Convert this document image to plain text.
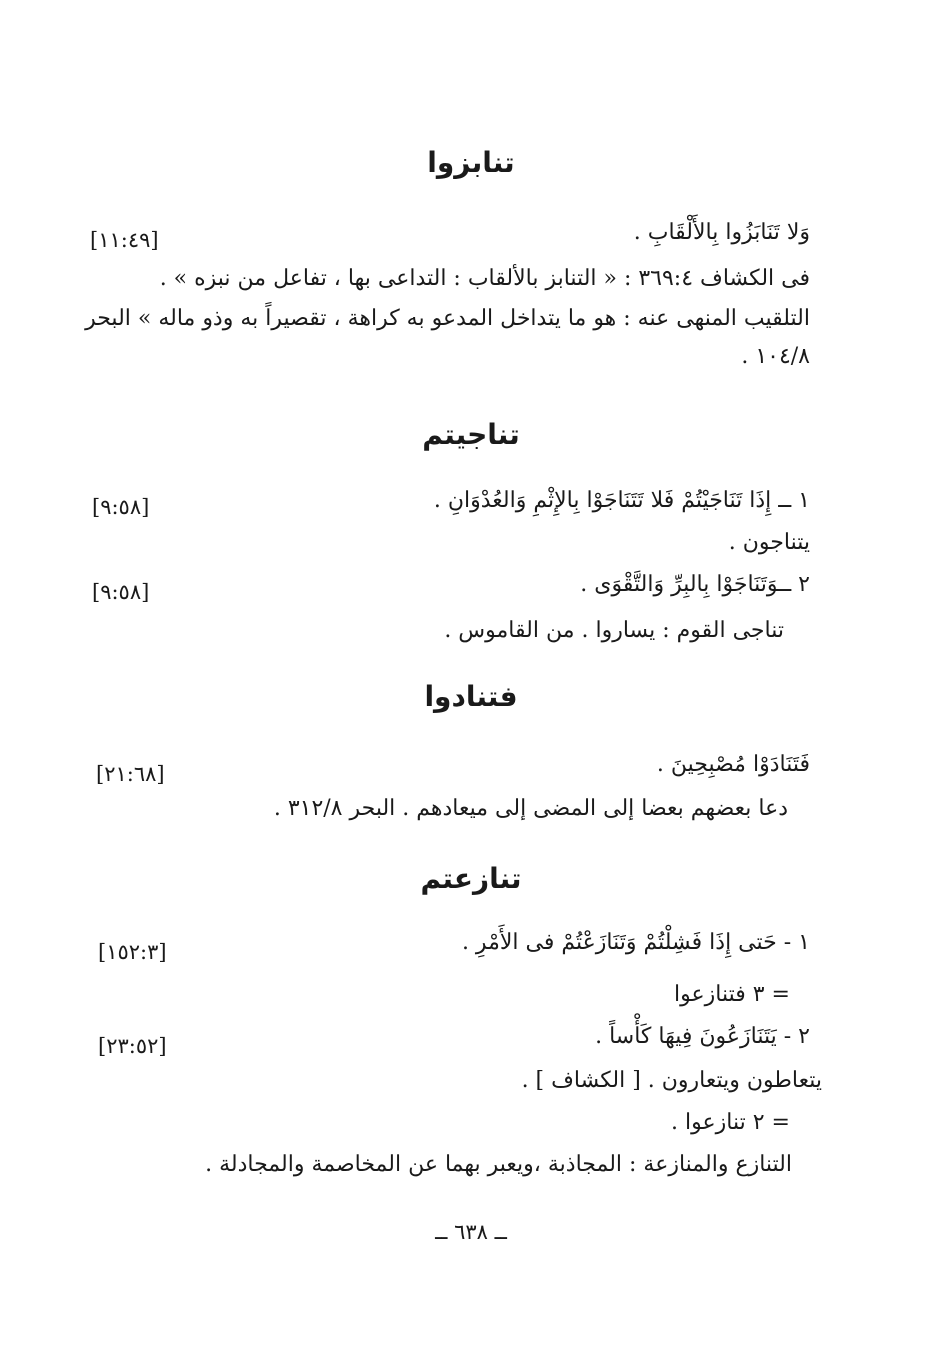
تنابزوا
وَلا تَنَابَزُوا بِالأَلْقَابِ .
[١١:٤٩]
فى الكشاف ٣٦٩:٤ : « التنابز بالألقاب : التداعى بها ، تفاعل من نبزه » .
التلقيب المنهى عنه : هو ما يتداخل المدعو به كراهة ، تقصيراً به وذو ماله » البحر
١٠٤/٨ .
تناجيتم
١ ــ إِذَا تَنَاجَيْتُمْ فَلا تَتَنَاجَوْا بِالإِثْمِ وَالعُدْوَانِ .
[٩:٥٨]
يتناجون .
٢ ــوَتَنَاجَوْا بِالبِرِّ وَالتَّقْوَى .
[٩:٥٨]
تناجى القوم : يساروا . من القاموس .
فتنادوا
فَتَنَادَوْا مُصْبِحِينَ .
[٢١:٦٨]
دعا بعضهم بعضا إلى المضى إلى ميعادهم . البحر ٣١٢/٨ .
تنازعتم
١ - حَتى إِذَا فَشِلْتُمْ وَتَنَازَعْتُمْ فى الأَمْرِ .
[١٥٢:٣]
= ٣ فتنازعوا
٢ - يَتَنَازَعُونَ فِيهَا كَأْساً .
[٢٣:٥٢]
يتعاطون ويتعارون . [ الكشاف ] .
= ٢ تنازعوا .
التنازع والمنازعة : المجاذبة ،ويعبر بهما عن المخاصمة والمجادلة .
ــ ٦٣٨ ــ
